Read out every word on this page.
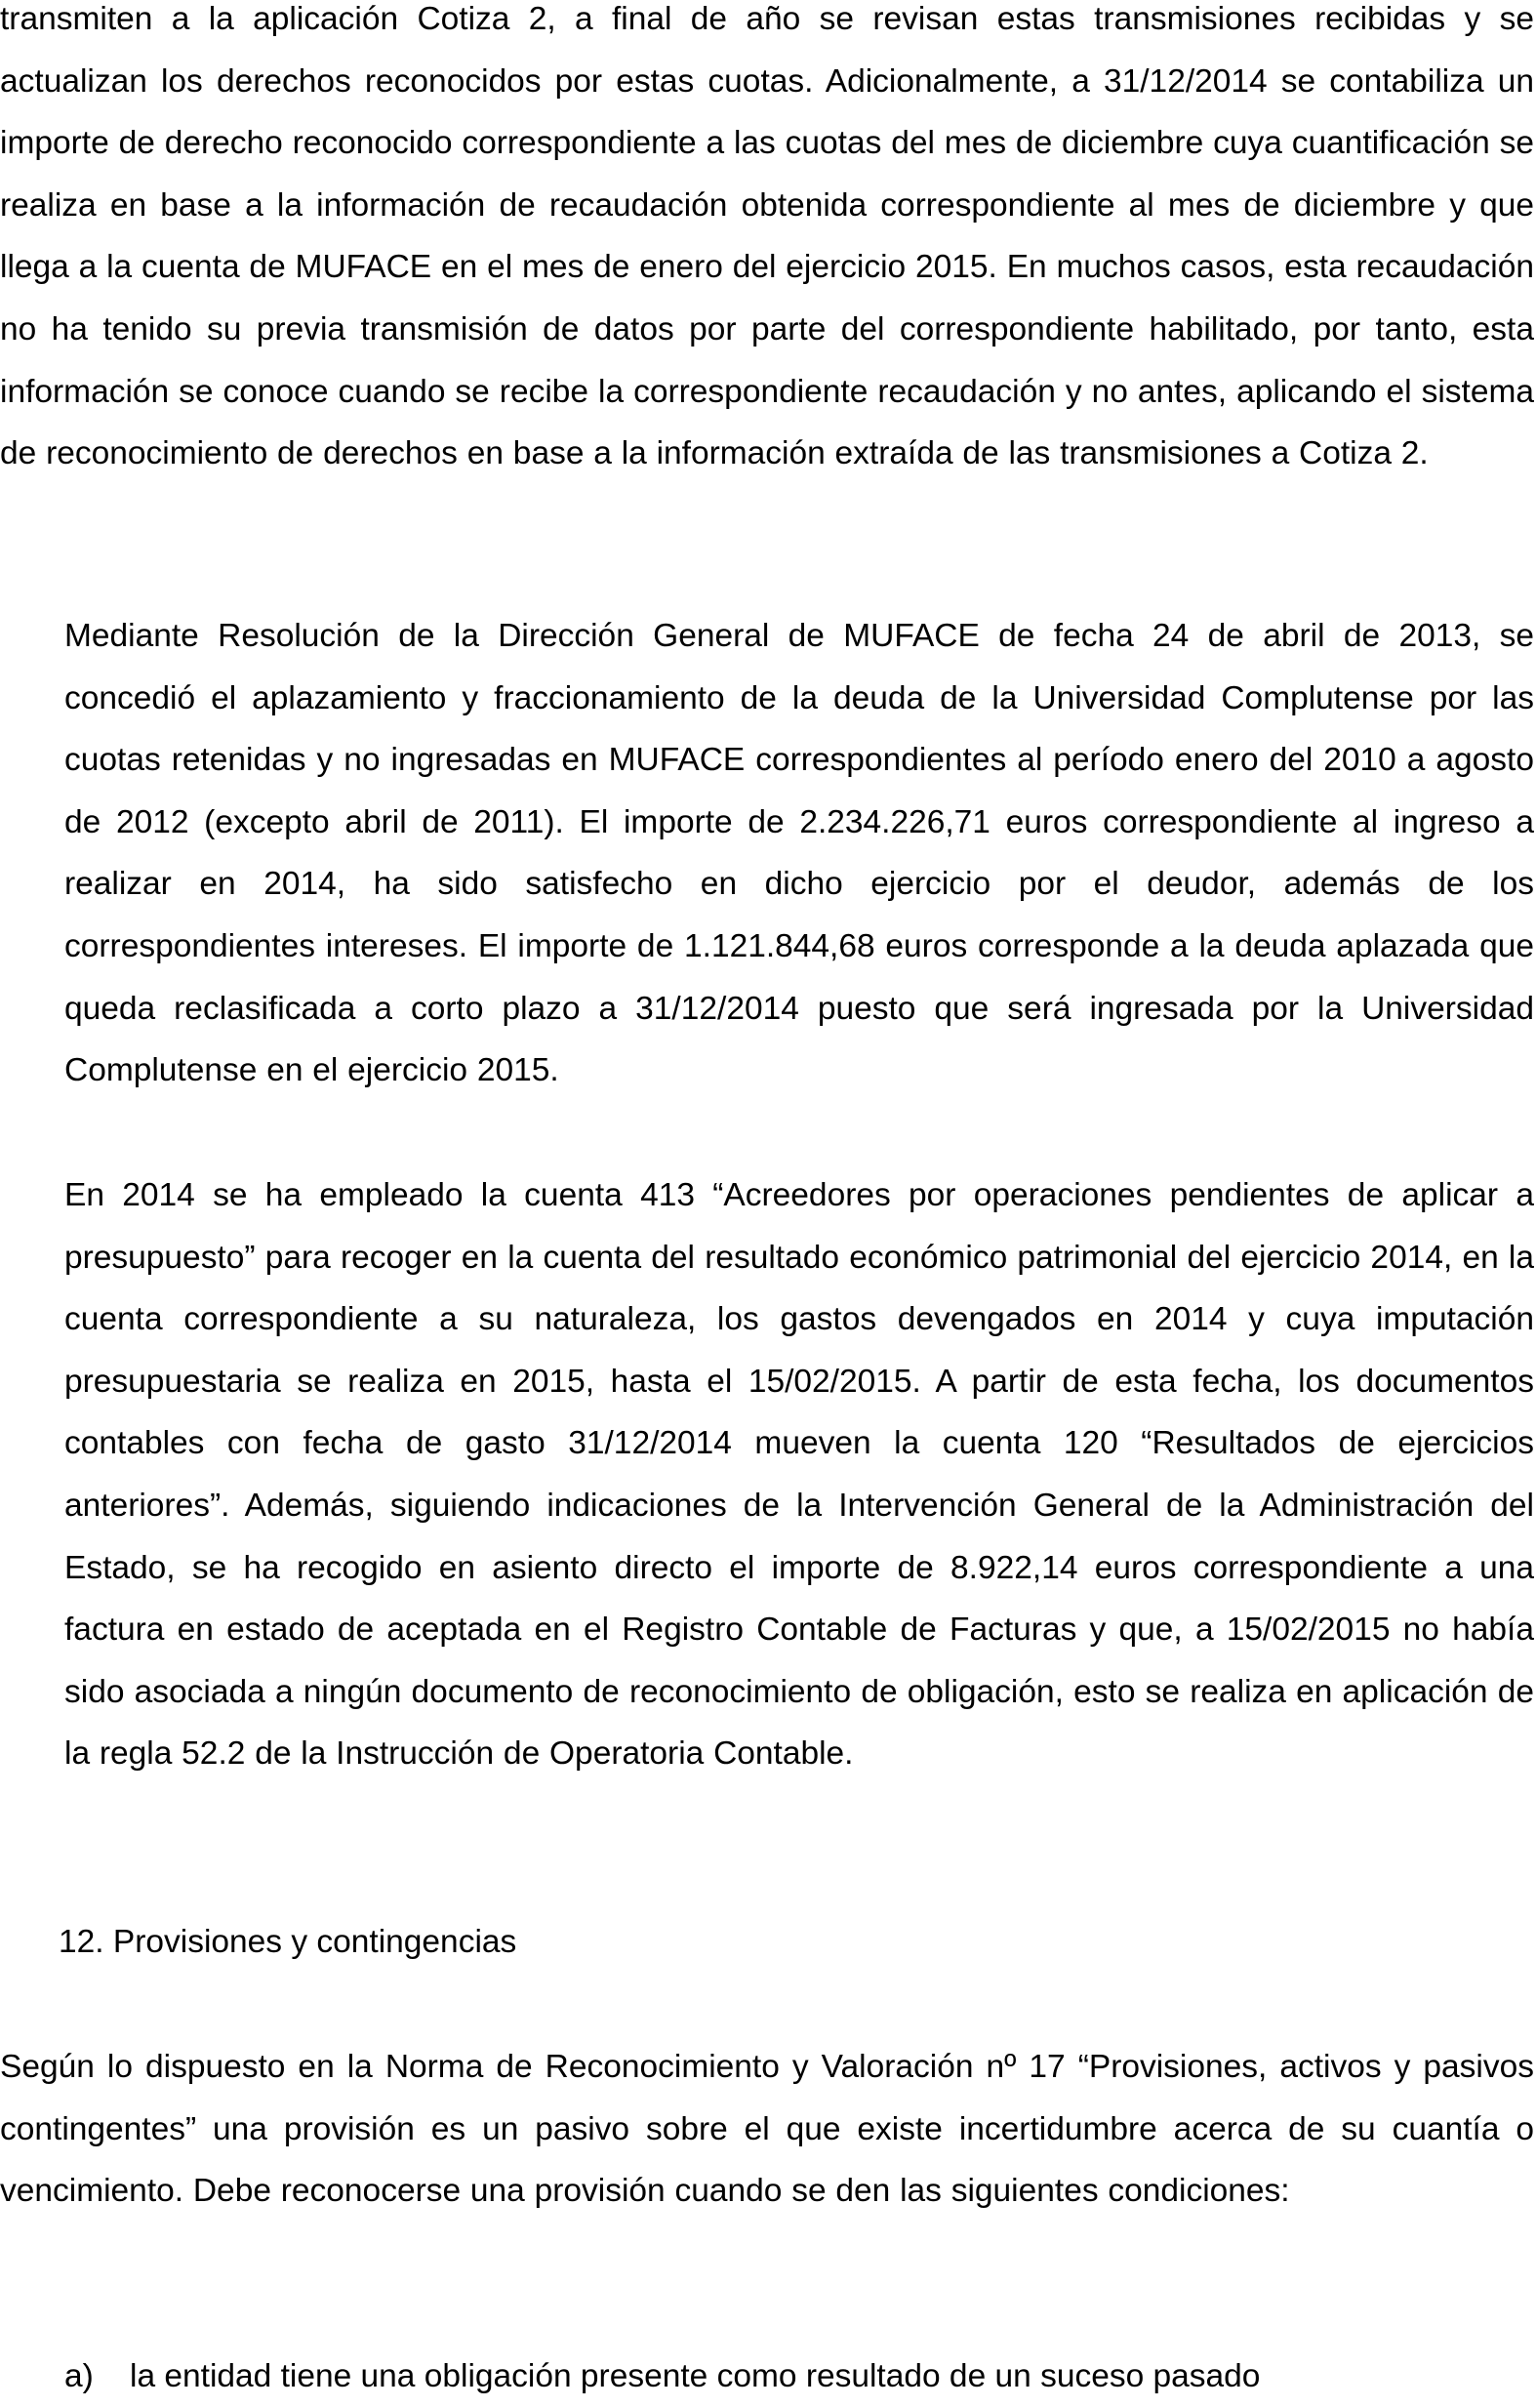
transmiten a la aplicación Cotiza 2, a final de año se revisan estas transmisiones recibidas y se actualizan los derechos reconocidos por estas cuotas. Adicionalmente, a 31/12/2014 se contabiliza un importe de derecho reconocido correspondiente a las cuotas del mes de diciembre cuya cuantificación se realiza en base a la información de recaudación obtenida correspondiente al mes de diciembre y que llega a la cuenta de MUFACE en el mes de enero del ejercicio 2015. En muchos casos, esta recaudación no ha tenido su previa transmisión de datos por parte del correspondiente habilitado, por tanto, esta información se conoce cuando se recibe la correspondiente recaudación y no antes, aplicando el sistema de reconocimiento de derechos en base a la información extraída de las transmisiones a Cotiza 2.

Mediante Resolución de la Dirección General de MUFACE de fecha 24 de abril de 2013, se concedió el aplazamiento y fraccionamiento de la deuda de la Universidad Complutense por las cuotas retenidas y no ingresadas en MUFACE correspondientes al período enero del 2010 a agosto de 2012 (excepto abril de 2011). El importe de 2.234.226,71 euros correspondiente al ingreso a realizar en 2014, ha sido satisfecho en dicho ejercicio por el deudor, además de los correspondientes intereses. El importe de 1.121.844,68 euros corresponde a la deuda aplazada que queda reclasificada a corto plazo a 31/12/2014 puesto que será ingresada por la Universidad Complutense en el ejercicio 2015.

En 2014 se ha empleado la cuenta 413 “Acreedores por operaciones pendientes de aplicar a presupuesto” para recoger en la cuenta del resultado económico patrimonial del ejercicio 2014, en la cuenta correspondiente a su naturaleza, los gastos devengados en 2014 y cuya imputación presupuestaria se realiza en 2015, hasta el 15/02/2015. A partir de esta fecha, los documentos contables con fecha de gasto 31/12/2014 mueven la cuenta 120 “Resultados de ejercicios anteriores”. Además, siguiendo indicaciones de la Intervención General de la Administración del Estado, se ha recogido en asiento directo el importe de 8.922,14 euros correspondiente a una factura en estado de aceptada en el Registro Contable de Facturas y que, a 15/02/2015 no había sido asociada a ningún documento de reconocimiento de obligación, esto se realiza en aplicación de la regla 52.2 de la Instrucción de Operatoria Contable.

12. Provisiones y contingencias

Según lo dispuesto en la Norma de Reconocimiento y Valoración nº 17 “Provisiones, activos y pasivos contingentes” una provisión es un pasivo sobre el que existe incertidumbre acerca de su cuantía o vencimiento. Debe reconocerse una provisión cuando se den las siguientes condiciones:

a) la entidad tiene una obligación presente como resultado de un suceso pasado
